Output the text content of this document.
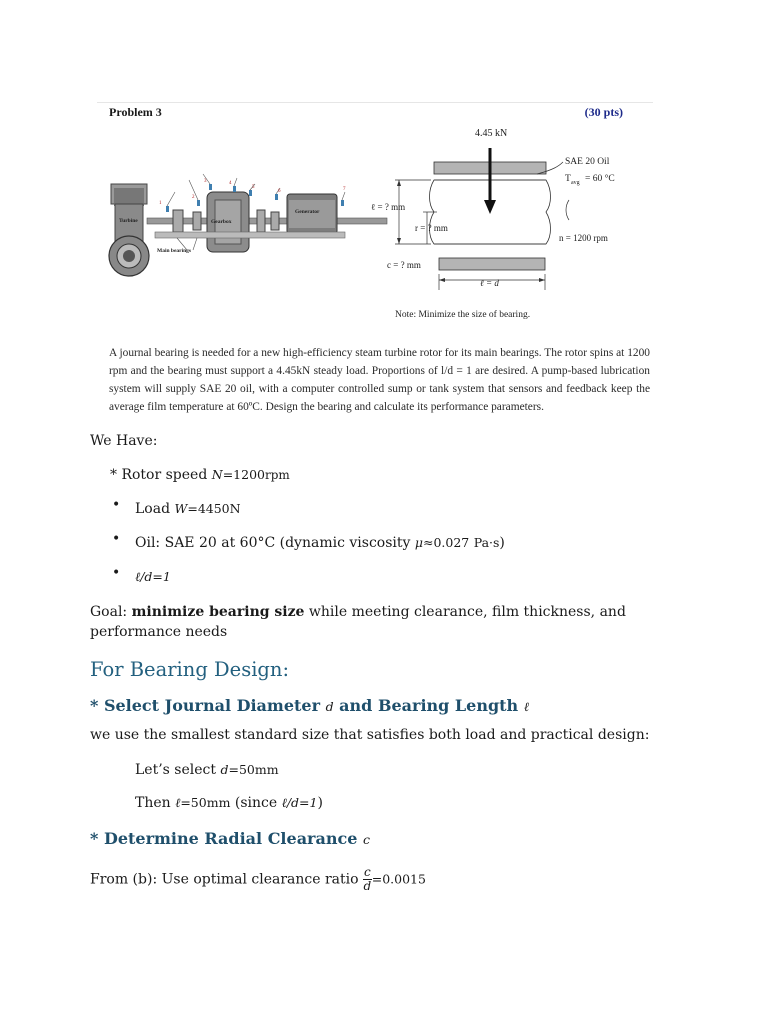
Problem 3	(30 pts)
1
2
3	4
5
6	7
Turbine	Gearbox
Generator
Main bearings
4.45 kN
ℓ = ? mm
r = ? mm
c = ? mm
n = 1200 rpm
ℓ = d
SAE 20 Oil
T avg = 60 °C
Note: Minimize the size of bearing.
A journal bearing is needed for a new high-efficiency steam turbine rotor for its main bearings. The rotor spins at 1200 rpm and the bearing must support a 4.45kN steady load. Proportions of l/d = 1 are desired. A pump-based lubrication system will supply SAE 20 oil, with a computer controlled sump or tank system that sensors and feedback keep the average film temperature at 60ºC. Design the bearing and calculate its performance parameters.
We Have:
* Rotor speed N=1200rpm
• Load W=4450N
• Oil: SAE 20 at 60°C (dynamic viscosity μ≈0.027 Pa·s)
• ℓ/d=1
Goal: minimize bearing size while meeting clearance, film thickness, and
performance needs
For Bearing Design:
* Select Journal Diameter d and Bearing Length ℓ
we use the smallest standard size that satisfies both load and practical design:
Let’s select d=50mm
Then ℓ=50mm (since ℓ/d=1)
* Determine Radial Clearance c
From (b): Use optimal clearance ratio $\frac{c}{d} =0.0015$
